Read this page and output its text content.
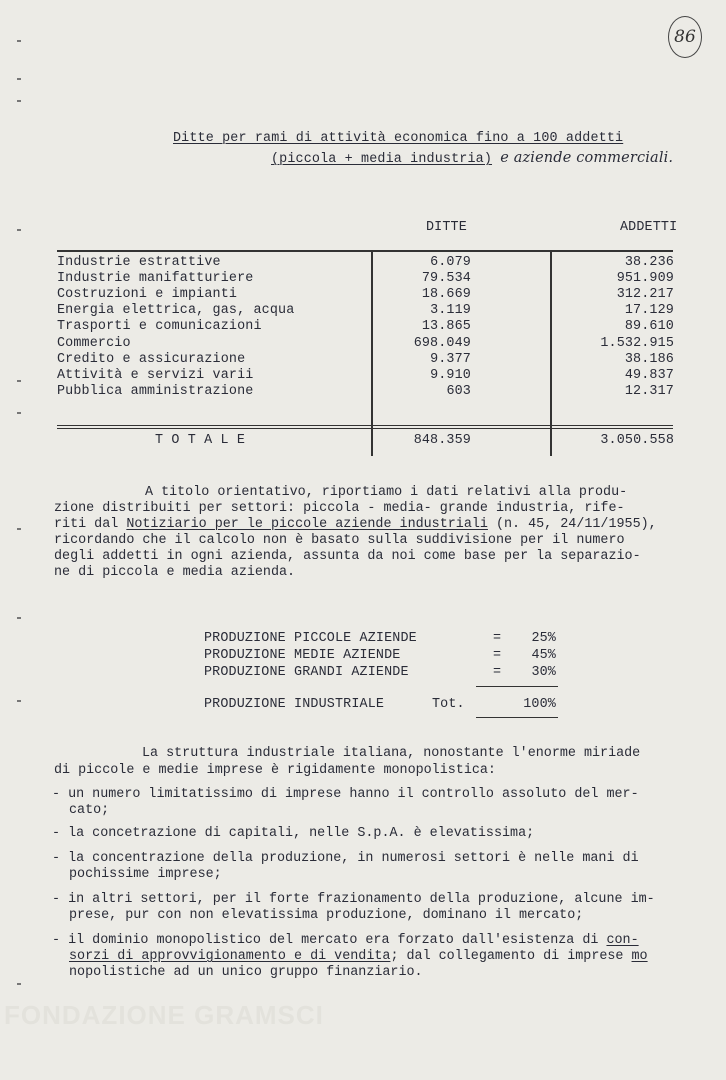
FONDAZIONE GRAMSCI
86
Ditte per rami di attività economica fino a 100 addetti
(piccola + media industria) e aziende commerciali.
DITTE	ADDETTI
Industrie estrattive	6.079	38.236
Industrie manifatturiere	79.534	951.909
Costruzioni e impianti	18.669	312.217
Energia elettrica, gas, acqua	3.119	17.129
Trasporti e comunicazioni	13.865	89.610
Commercio	698.049	1.532.915
Credito e assicurazione	9.377	38.186
Attività e servizi varii	9.910	49.837
Pubblica amministrazione	603	12.317
T O T A L E	848.359	3.050.558
A titolo orientativo, riportiamo i dati relativi alla produ-
zione distribuiti per settori: piccola - media- grande industria, rife-
riti dal Notiziario per le piccole aziende industriali (n. 45, 24/11/1955),
ricordando che il calcolo non è basato sulla suddivisione per il numero
degli addetti in ogni azienda, assunta da noi come base per la separazio-
ne di piccola e media azienda.
PRODUZIONE PICCOLE AZIENDE	= 25%
PRODUZIONE MEDIE AZIENDE	= 45%
PRODUZIONE GRANDI AZIENDE	= 30%
PRODUZIONE INDUSTRIALE	Tot.	100%
La struttura industriale italiana, nonostante l'enorme miriade
di piccole e medie imprese è rigidamente monopolistica:
- un numero limitatissimo di imprese hanno il controllo assoluto del mer-
cato;
- la concetrazione di capitali, nelle S.p.A. è elevatissima;
- la concentrazione della produzione, in numerosi settori è nelle mani di
pochissime imprese;
- in altri settori, per il forte frazionamento della produzione, alcune im-
prese, pur con non elevatissima produzione, dominano il mercato;
- il dominio monopolistico del mercato era forzato dall'esistenza di con-
sorzi di approvvigionamento e di vendita; dal collegamento di imprese mo
nopolistiche ad un unico gruppo finanziario.
